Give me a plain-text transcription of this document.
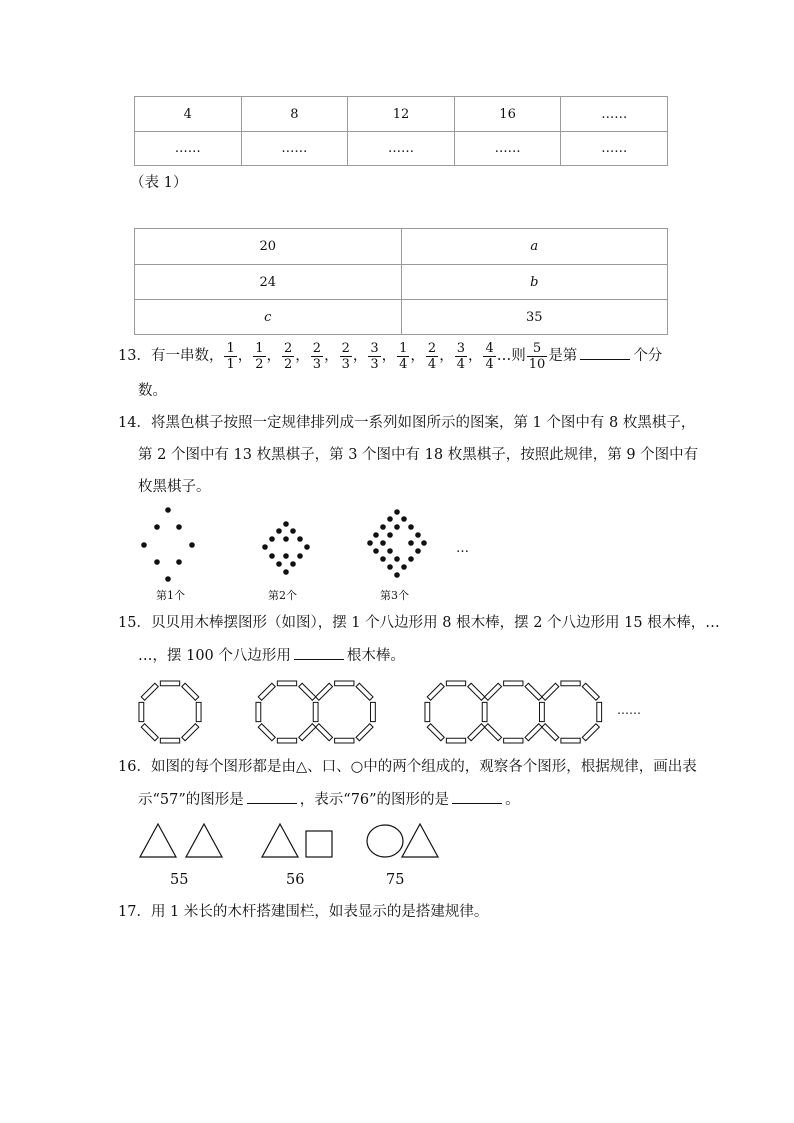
4	8	12	16	……
……	……	……	……	……
（表 1）
20	a
24	b
c	35
13．有一串数， $\frac{1}{1}$ ， $\frac{1}{2}$ ， $\frac{2}{2}$ ， $\frac{2}{3}$ ， $\frac{2}{3}$ ， $\frac{3}{3}$ ， $\frac{1}{4}$ ， $\frac{2}{4}$ ， $\frac{3}{4}$ ， $\frac{4}{4}$ …则 $\frac{5}{10}$ 是第	个分
数。
14．将黑色棋子按照一定规律排列成一系列如图所示的图案，第 1 个图中有 8 枚黑棋子，
第 2 个图中有 13 枚黑棋子，第 3 个图中有 18 枚黑棋子，按照此规律，第 9 个图中有
枚黑棋子。
…
第1个	第2个	第3个
15．贝贝用木棒摆图形（如图），摆 1 个八边形用 8 根木棒，摆 2 个八边形用 15 根木棒，…
…，摆 100 个八边形用	根木棒。
……
16．如图的每个图形都是由△、口、○中的两个组成的，观察各个图形，根据规律，画出表
示“57”的图形是	，表示“76”的图形的是	。
55	56	75
17．用 1 米长的木杆搭建围栏，如表显示的是搭建规律。
